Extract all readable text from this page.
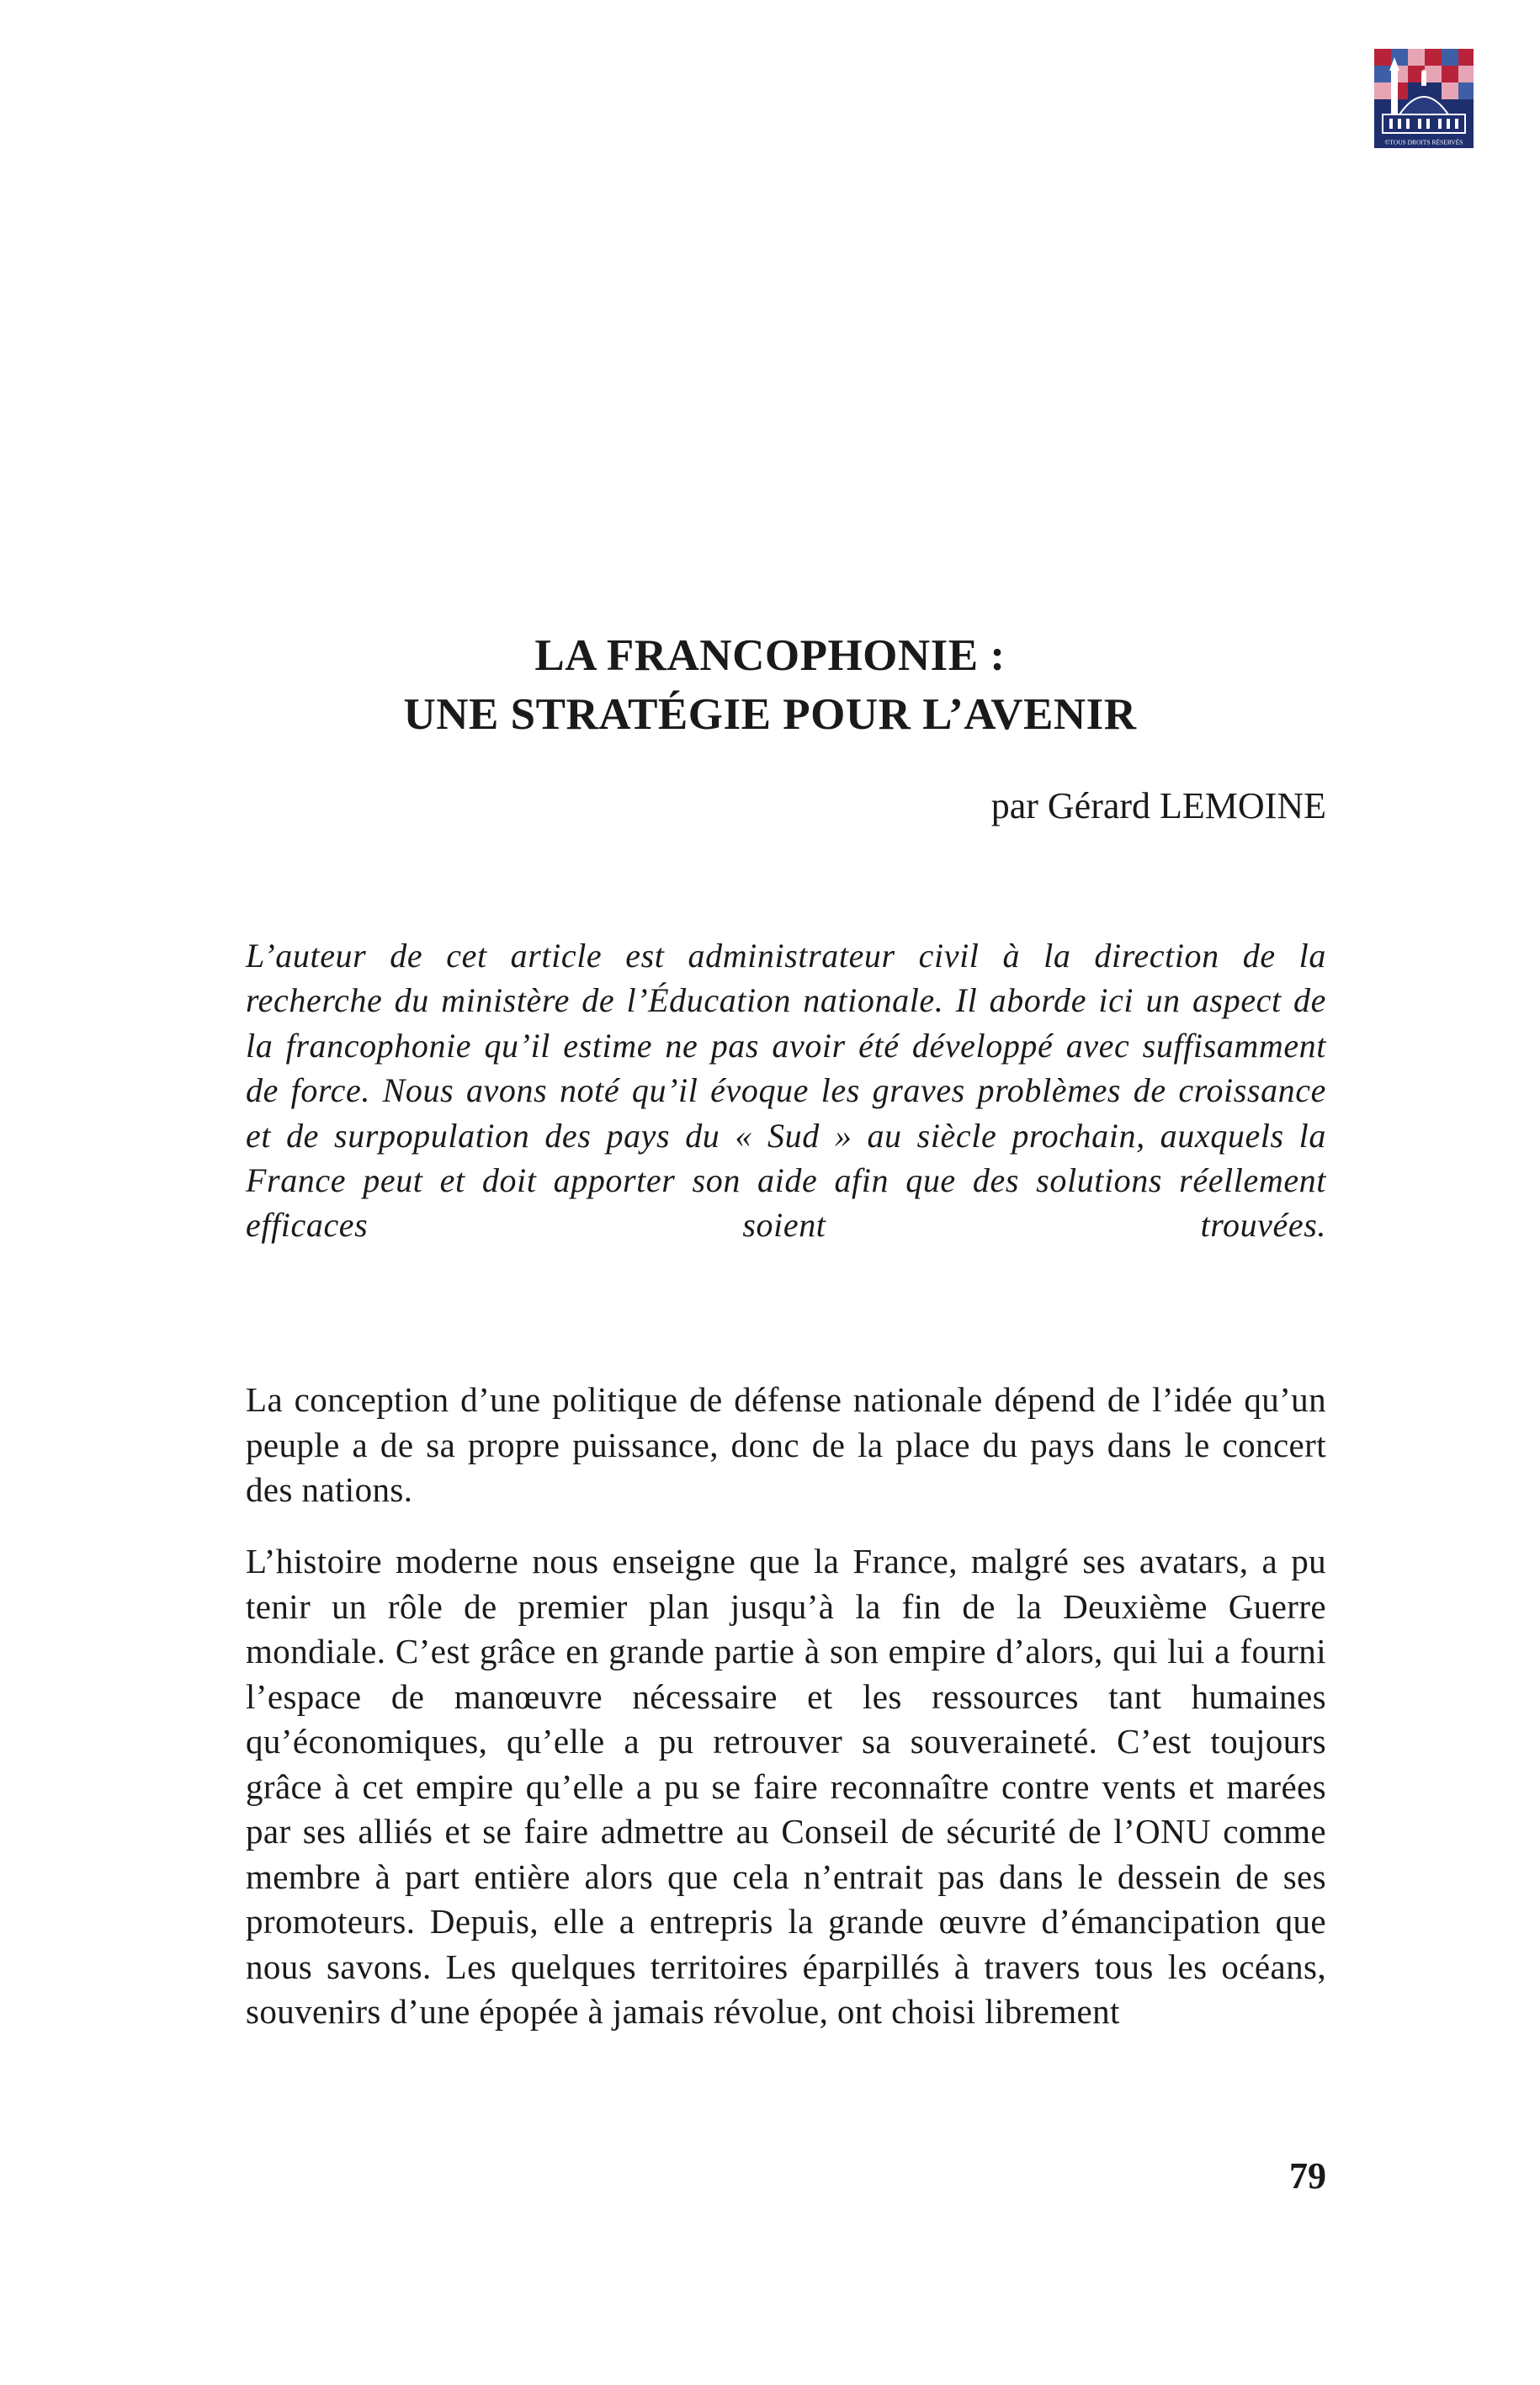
©TOUS DROITS RÉSERVÉS

LA FRANCOPHONIE :

UNE STRATÉGIE POUR L’AVENIR

par Gérard LEMOINE

L’auteur de cet article est administrateur civil à la direction de la recherche du ministère de l’Éducation nationale. Il aborde ici un aspect de la francophonie qu’il estime ne pas avoir été développé avec suffisamment de force. Nous avons noté qu’il évoque les graves problèmes de croissance et de surpopulation des pays du « Sud » au siècle prochain, auxquels la France peut et doit apporter son aide afin que des solutions réellement efficaces soient trouvées.

La conception d’une politique de défense nationale dépend de l’idée qu’un peuple a de sa propre puissance, donc de la place du pays dans le concert des nations.

L’histoire moderne nous enseigne que la France, malgré ses avatars, a pu tenir un rôle de premier plan jusqu’à la fin de la Deuxième Guerre mondiale. C’est grâce en grande partie à son empire d’alors, qui lui a fourni l’espace de manœuvre nécessaire et les ressources tant humaines qu’économiques, qu’elle a pu retrouver sa souveraineté. C’est toujours grâce à cet empire qu’elle a pu se faire reconnaître contre vents et marées par ses alliés et se faire admettre au Conseil de sécurité de l’ONU comme membre à part entière alors que cela n’entrait pas dans le dessein de ses promoteurs. Depuis, elle a entrepris la grande œuvre d’émancipation que nous savons. Les quelques territoires éparpillés à travers tous les océans, souvenirs d’une épopée à jamais révolue, ont choisi librement

79
